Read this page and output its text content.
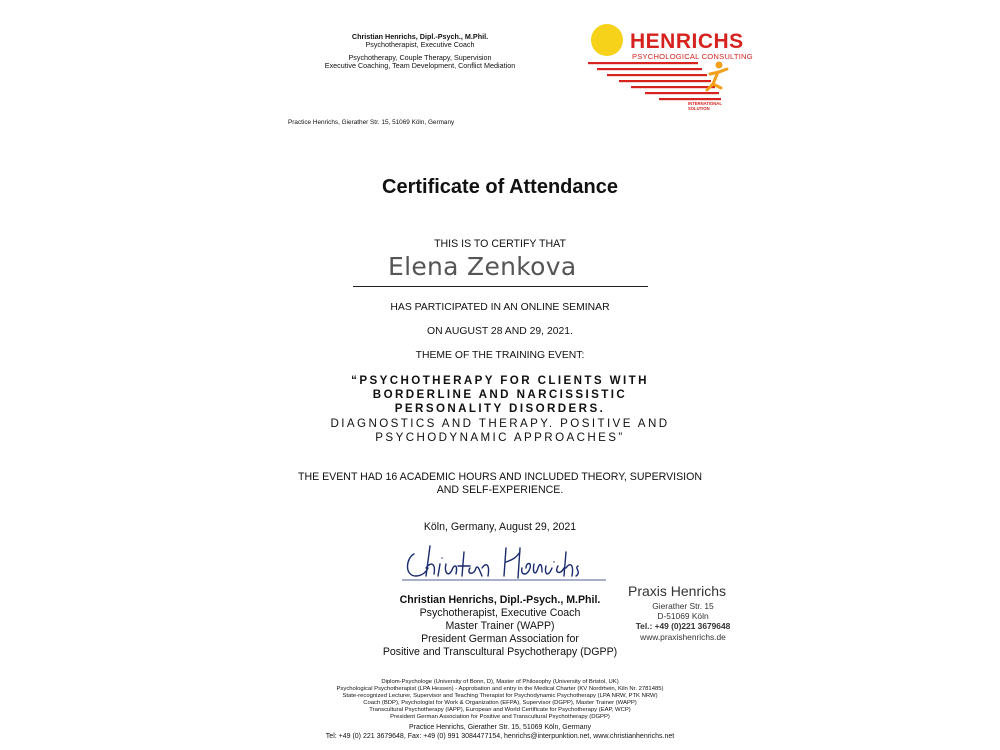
Christian Henrichs, Dipl.-Psych., M.Phil.
Psychotherapist, Executive Coach
Psychotherapy, Couple Therapy, Supervision
Executive Coaching, Team Development, Conflict Mediation
Practice Henrichs, Gierather Str. 15, 51069 Köln, Germany
HENRICHS
PSYCHOLOGICAL CONSULTING
INTERNATIONAL
SOLUTION
Certificate of Attendance
THIS IS TO CERTIFY THAT
Elena Zenkova
HAS PARTICIPATED IN AN ONLINE SEMINAR
ON AUGUST 28 AND 29, 2021.
THEME OF THE TRAINING EVENT:
“PSYCHOTHERAPY FOR CLIENTS WITH
BORDERLINE AND NARCISSISTIC
PERSONALITY DISORDERS.
DIAGNOSTICS AND THERAPY. POSITIVE AND
PSYCHODYNAMIC APPROACHES”
THE EVENT HAD 16 ACADEMIC HOURS AND INCLUDED THEORY, SUPERVISION
AND SELF-EXPERIENCE.
Köln, Germany, August 29, 2021
Christian Henrichs, Dipl.-Psych., M.Phil.
Psychotherapist, Executive Coach
Master Trainer (WAPP)
President German Association for
Positive and Transcultural Psychotherapy (DGPP)
Praxis Henrichs
Gierather Str. 15
D-51069 Köln
Tel.: +49 (0)221 3679648
www.praxishenrichs.de
Diplom-Psychologe (University of Bonn, D), Master of Philosophy (University of Bristol, UK)
Psychological Psychotherapist (LPA Hessen) - Approbation and entry in the Medical Charter (KV Nordrhein, Kiln Nr. 2781485)
State-recognized Lecturer, Supervisor and Teaching Therapist for Psychodynamic Psychotherapy (LPA NRW, PTK NRW)
Coach (BDP), Psychologist for Work & Organization (EFPA), Supervisor (DGPP), Master Trainer (WAPP)
Transcultural Psychotherapy (IAPP), European and World Certificate for Psychotherapy (EAP, WCP)
President German Association for Positive and Transcultural Psychotherapy (DGPP)
Practice Henrichs, Gierather Str. 15, 51069 Köln, Germany
Tel: +49 (0) 221 3679648, Fax: +49 (0) 991 3084477154, henrichs@interpunktion.net, www.christianhenrichs.net
